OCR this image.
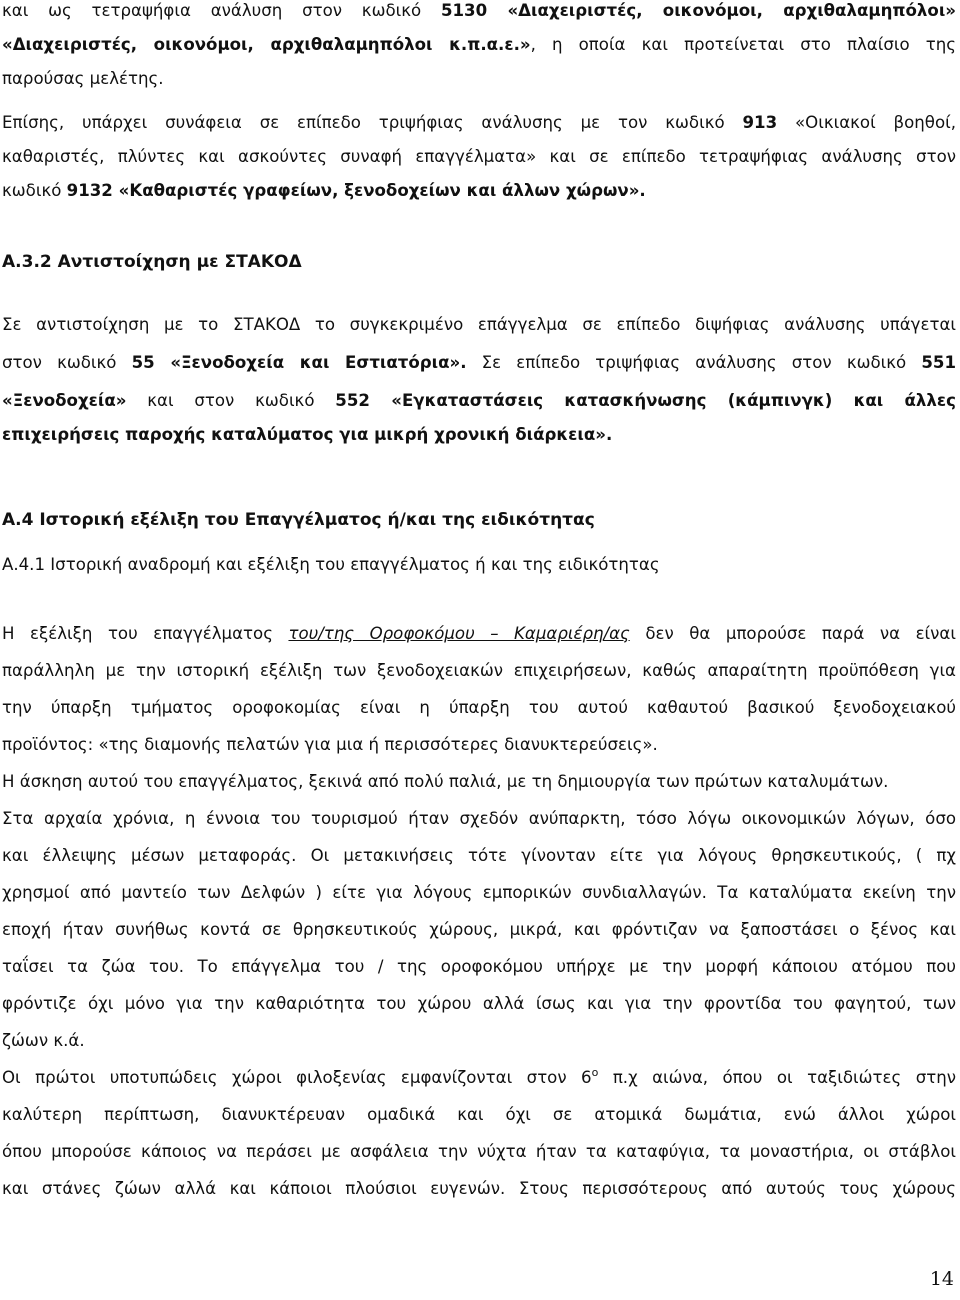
και ως τετραψήφια ανάλυση στον κωδικό 5130 «Διαχειριστές, οικονόμοι, αρχιθαλαμηπόλοι»
«Διαχειριστές, οικονόμοι, αρχιθαλαμηπόλοι κ.π.α.ε.», η οποία και προτείνεται στο πλαίσιο της
παρούσας μελέτης.
Επίσης, υπάρχει συνάφεια σε επίπεδο τριψήφιας ανάλυσης με τον κωδικό 913 «Οικιακοί βοηθοί,
καθαριστές, πλύντες και ασκούντες συναφή επαγγέλματα» και σε επίπεδο τετραψήφιας ανάλυσης στον
κωδικό 9132 «Καθαριστές γραφείων, ξενοδοχείων και άλλων χώρων».
Α.3.2 Αντιστοίχηση με ΣΤΑΚΟΔ
Σε αντιστοίχηση με το ΣΤΑΚΟΔ το συγκεκριμένο επάγγελμα σε επίπεδο διψήφιας ανάλυσης υπάγεται
στον κωδικό 55 «Ξενοδοχεία και Εστιατόρια». Σε επίπεδο τριψήφιας ανάλυσης στον κωδικό 551
«Ξενοδοχεία» και στον κωδικό 552 «Εγκαταστάσεις κατασκήνωσης (κάμπινγκ) και άλλες
επιχειρήσεις παροχής καταλύματος για μικρή χρονική διάρκεια».
Α.4 Ιστορική εξέλιξη του Επαγγέλματος ή/και της ειδικότητας
Α.4.1 Ιστορική αναδρομή και εξέλιξη του επαγγέλματος ή και της ειδικότητας
Η εξέλιξη του επαγγέλματος του/της Οροφοκόμου – Καμαριέρη/ας δεν θα μπορούσε παρά να είναι
παράλληλη με την ιστορική εξέλιξη των ξενοδοχειακών επιχειρήσεων, καθώς απαραίτητη προϋπόθεση για
την ύπαρξη τμήματος οροφοκομίας είναι η ύπαρξη του αυτού καθαυτού βασικού ξενοδοχειακού
προϊόντος: «της διαμονής πελατών για μια ή περισσότερες διανυκτερεύσεις».
Η άσκηση αυτού του επαγγέλματος, ξεκινά από πολύ παλιά, με τη δημιουργία των πρώτων καταλυμάτων.
Στα αρχαία χρόνια, η έννοια του τουρισμού ήταν σχεδόν ανύπαρκτη, τόσο λόγω οικονομικών λόγων, όσο
και έλλειψης μέσων μεταφοράς. Οι μετακινήσεις τότε γίνονταν είτε για λόγους θρησκευτικούς, ( πχ
χρησμοί από μαντείο των Δελφών ) είτε για λόγους εμπορικών συνδιαλλαγών. Τα καταλύματα εκείνη την
εποχή ήταν συνήθως κοντά σε θρησκευτικούς χώρους, μικρά, και φρόντιζαν να ξαποστάσει ο ξένος και
ταΐσει τα ζώα του. Το επάγγελμα του / της οροφοκόμου υπήρχε με την μορφή κάποιου ατόμου που
φρόντιζε όχι μόνο για την καθαριότητα του χώρου αλλά ίσως και για την φροντίδα του φαγητού, των
ζώων κ.ά.
Οι πρώτοι υποτυπώδεις χώροι φιλοξενίας εμφανίζονται στον $6^o$ π.χ αιώνα, όπου οι ταξιδιώτες στην
καλύτερη περίπτωση, διανυκτέρευαν ομαδικά και όχι σε ατομικά δωμάτια, ενώ άλλοι χώροι
όπου μπορούσε κάποιος να περάσει με ασφάλεια την νύχτα ήταν τα καταφύγια, τα μοναστήρια, οι στάβλοι
και στάνες ζώων αλλά και κάποιοι πλούσιοι ευγενών. Στους περισσότερους από αυτούς τους χώρους
14
